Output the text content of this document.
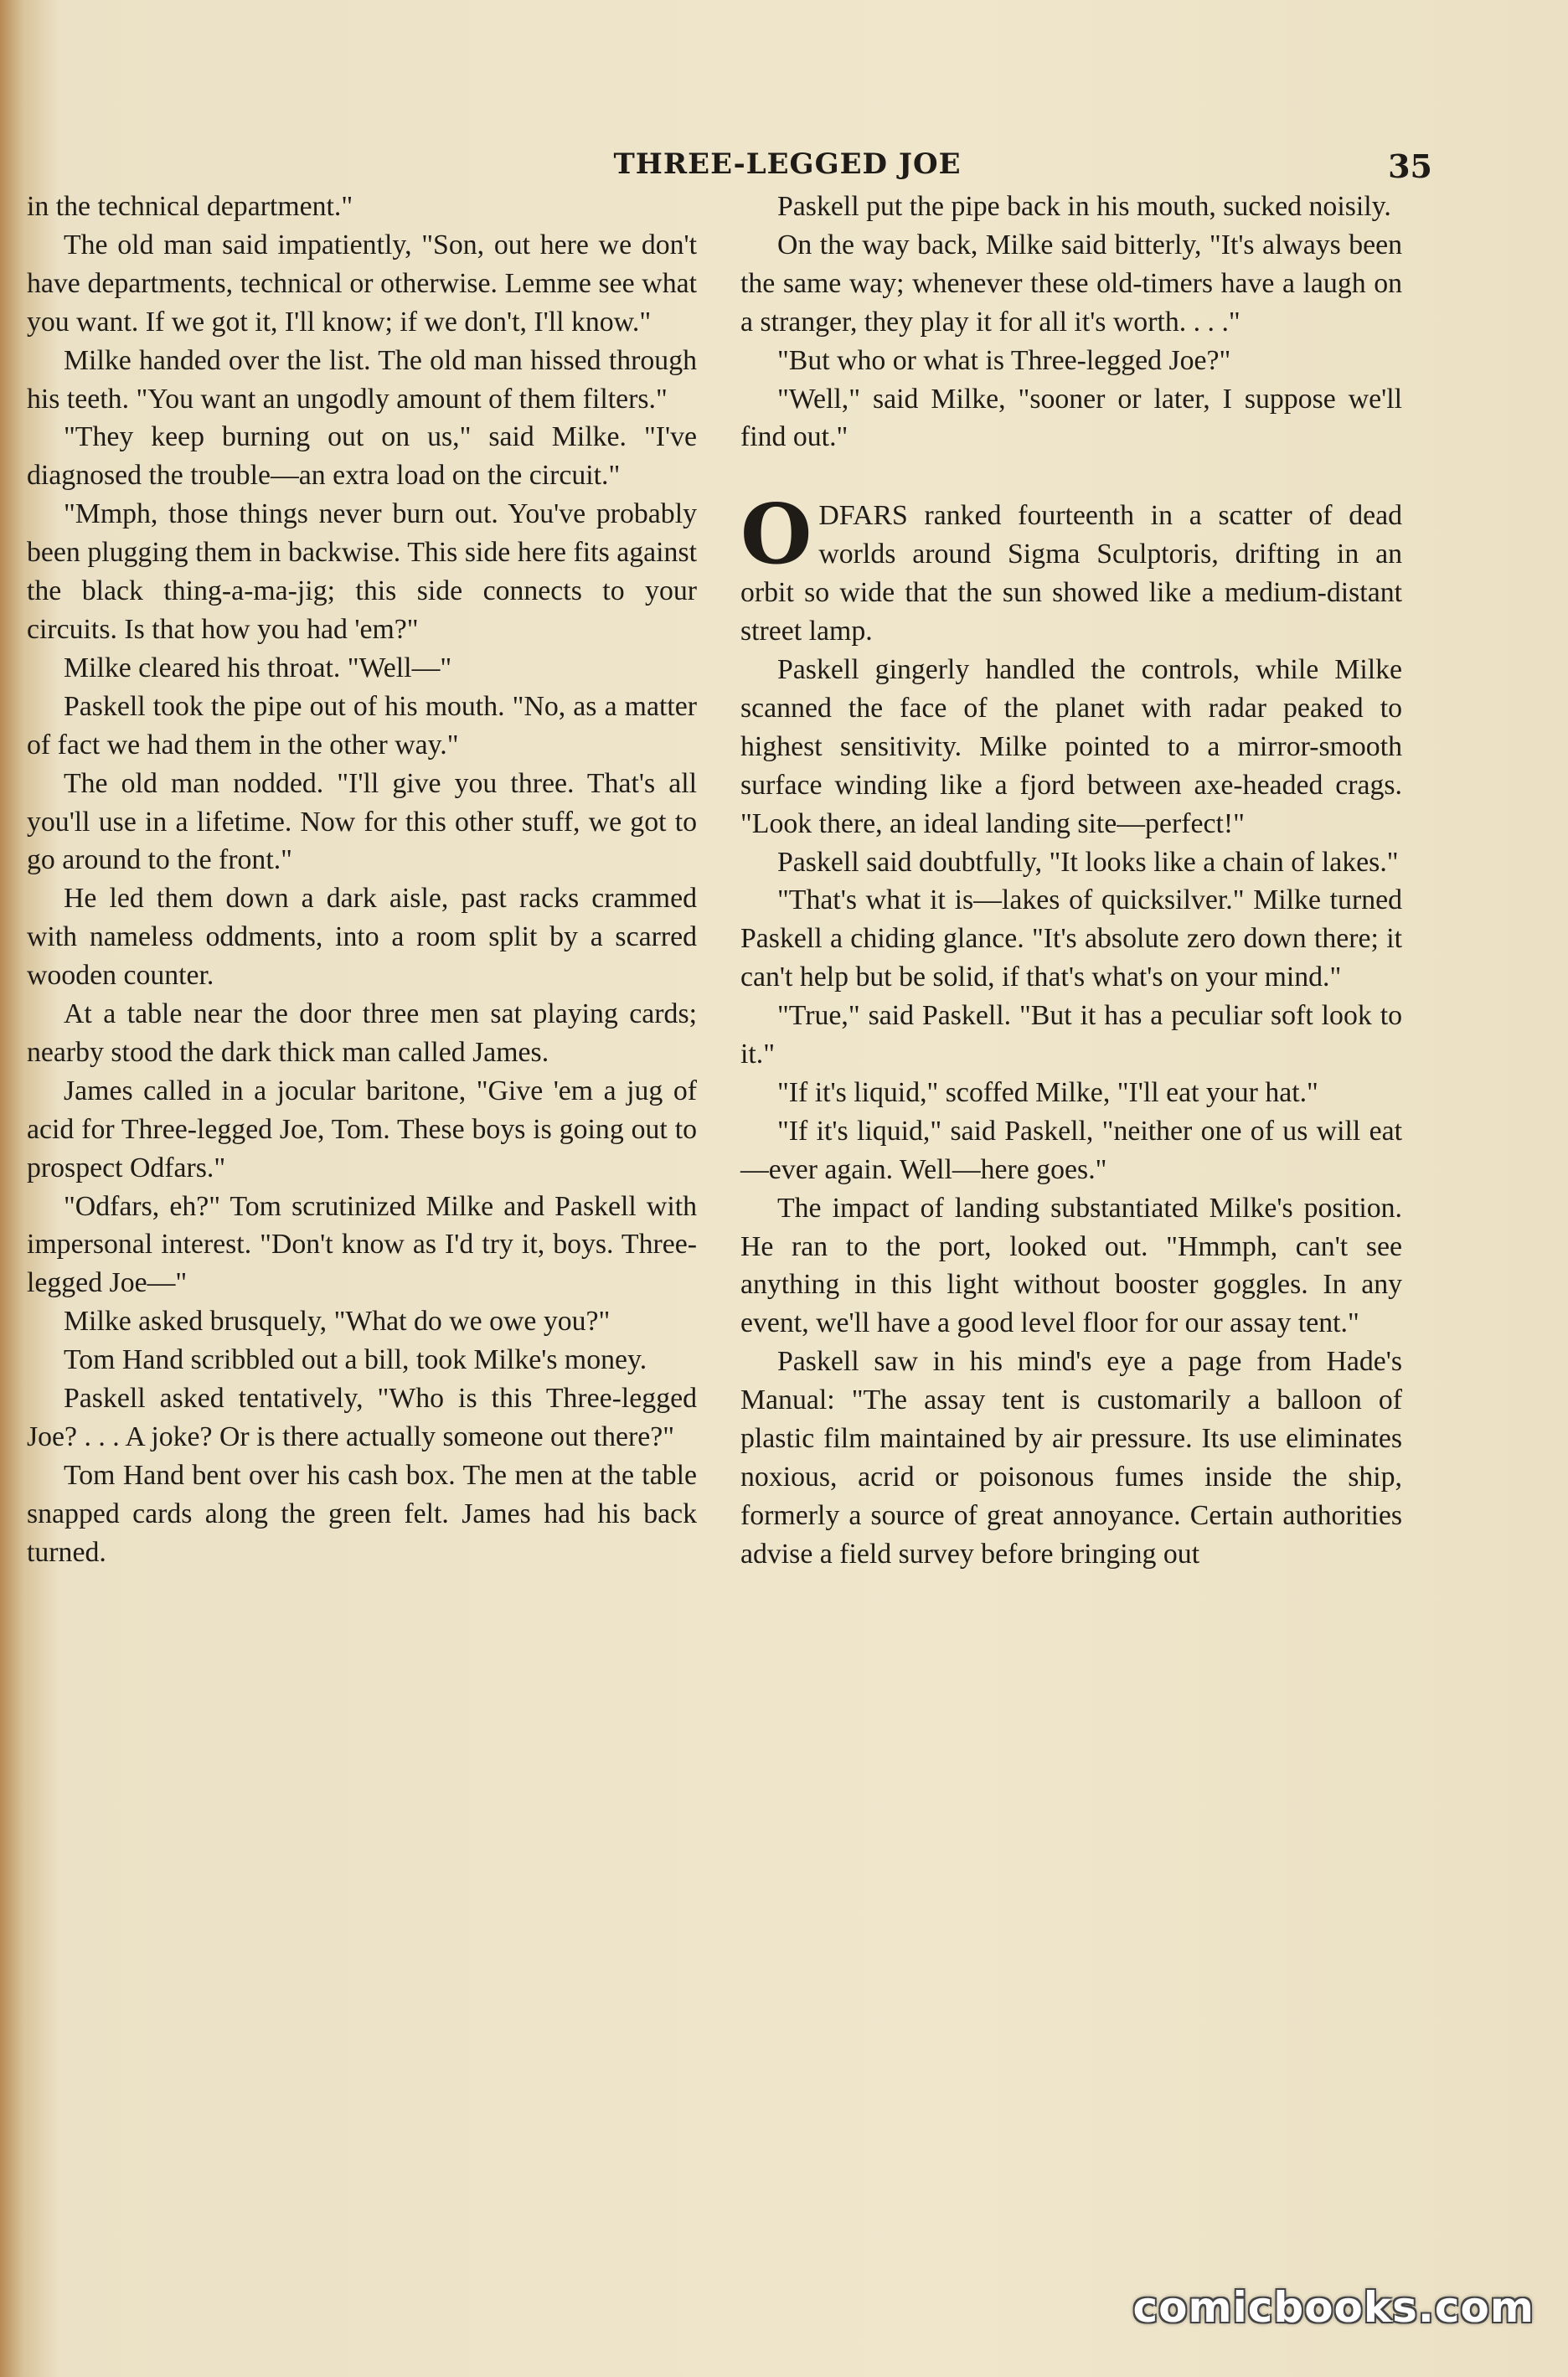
THREE-LEGGED JOE	35

in the technical department."

The old man said impatiently, "Son, out here we don't have departments, technical or otherwise. Lemme see what you want. If we got it, I'll know; if we don't, I'll know."

Milke handed over the list. The old man hissed through his teeth. "You want an ungodly amount of them filters."

"They keep burning out on us," said Milke. "I've diagnosed the trouble—an extra load on the circuit."

"Mmph, those things never burn out. You've probably been plugging them in backwise. This side here fits against the black thing-a-ma-jig; this side connects to your circuits. Is that how you had 'em?"

Milke cleared his throat. "Well—"

Paskell took the pipe out of his mouth. "No, as a matter of fact we had them in the other way."

The old man nodded. "I'll give you three. That's all you'll use in a lifetime. Now for this other stuff, we got to go around to the front."

He led them down a dark aisle, past racks crammed with nameless oddments, into a room split by a scarred wooden counter.

At a table near the door three men sat playing cards; nearby stood the dark thick man called James.

James called in a jocular baritone, "Give 'em a jug of acid for Three-legged Joe, Tom. These boys is going out to prospect Odfars."

"Odfars, eh?" Tom scrutinized Milke and Paskell with impersonal interest. "Don't know as I'd try it, boys. Three-legged Joe—"

Milke asked brusquely, "What do we owe you?"

Tom Hand scribbled out a bill, took Milke's money.

Paskell asked tentatively, "Who is this Three-legged Joe? . . . A joke? Or is there actually someone out there?"

Tom Hand bent over his cash box. The men at the table snapped cards along the green felt. James had his back turned.

Paskell put the pipe back in his mouth, sucked noisily.

On the way back, Milke said bitterly, "It's always been the same way; whenever these old-timers have a laugh on a stranger, they play it for all it's worth. . . ."

"But who or what is Three-legged Joe?"

"Well," said Milke, "sooner or later, I suppose we'll find out."

ODFARS ranked fourteenth in a scatter of dead worlds around Sigma Sculptoris, drifting in an orbit so wide that the sun showed like a medium-distant street lamp.

Paskell gingerly handled the controls, while Milke scanned the face of the planet with radar peaked to highest sensitivity. Milke pointed to a mirror-smooth surface winding like a fjord between axe-headed crags. "Look there, an ideal landing site—perfect!"

Paskell said doubtfully, "It looks like a chain of lakes."

"That's what it is—lakes of quicksilver." Milke turned Paskell a chiding glance. "It's absolute zero down there; it can't help but be solid, if that's what's on your mind."

"True," said Paskell. "But it has a peculiar soft look to it."

"If it's liquid," scoffed Milke, "I'll eat your hat."

"If it's liquid," said Paskell, "neither one of us will eat—ever again. Well—here goes."

The impact of landing substantiated Milke's position. He ran to the port, looked out. "Hmmph, can't see anything in this light without booster goggles. In any event, we'll have a good level floor for our assay tent."

Paskell saw in his mind's eye a page from Hade's Manual: "The assay tent is customarily a balloon of plastic film maintained by air pressure. Its use eliminates noxious, acrid or poisonous fumes inside the ship, formerly a source of great annoyance. Certain authorities advise a field survey before bringing out

comicbooks.com
